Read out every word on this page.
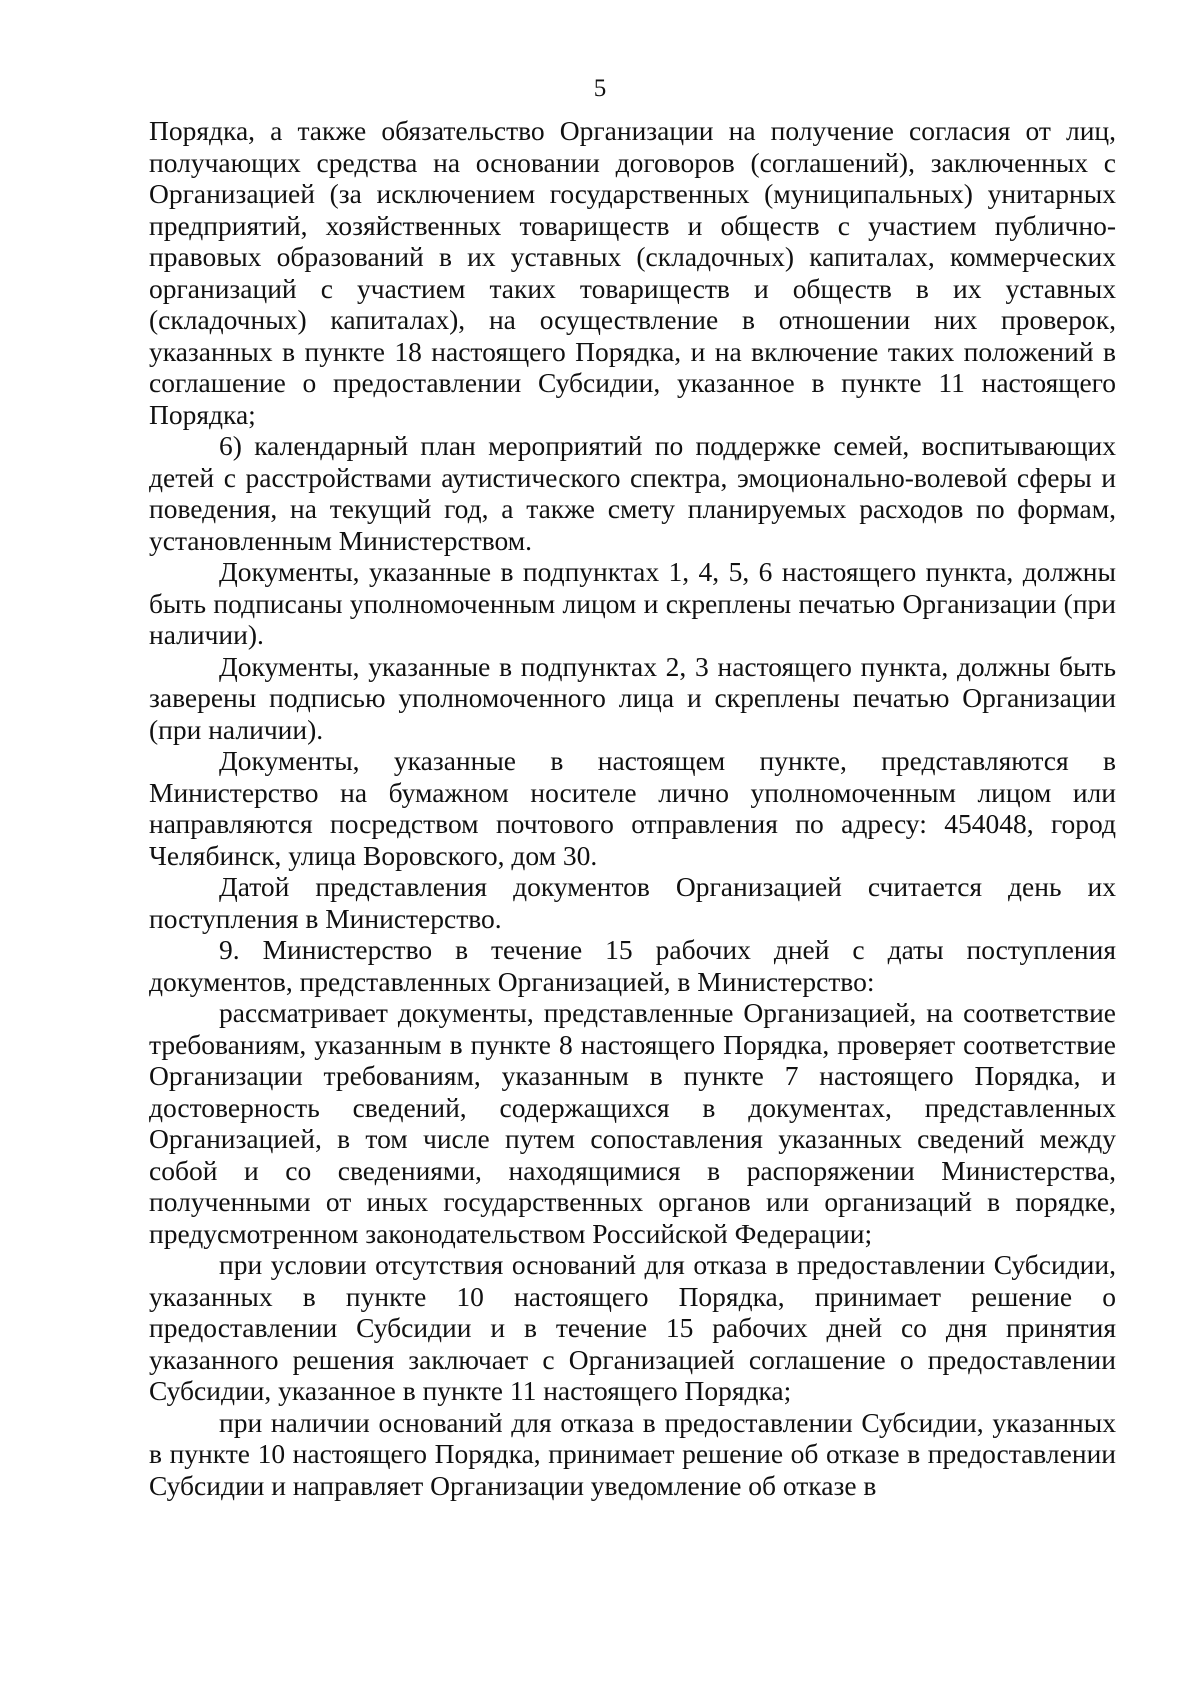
5

Порядка, а также обязательство Организации на получение согласия от лиц, получающих средства на основании договоров (соглашений), заключенных с Организацией (за исключением государственных (муниципальных) унитарных предприятий, хозяйственных товариществ и обществ с участием публично-правовых образований в их уставных (складочных) капиталах, коммерческих организаций с участием таких товариществ и обществ в их уставных (складочных) капиталах), на осуществление в отношении них проверок, указанных в пункте 18 настоящего Порядка, и на включение таких положений в соглашение о предоставлении Субсидии, указанное в пункте 11 настоящего Порядка;

6) календарный план мероприятий по поддержке семей, воспитывающих детей с расстройствами аутистического спектра, эмоционально-волевой сферы и поведения, на текущий год, а также смету планируемых расходов по формам, установленным Министерством.

Документы, указанные в подпунктах 1, 4, 5, 6 настоящего пункта, должны быть подписаны уполномоченным лицом и скреплены печатью Организации (при наличии).

Документы, указанные в подпунктах 2, 3 настоящего пункта, должны быть заверены подписью уполномоченного лица и скреплены печатью Организации (при наличии).

Документы, указанные в настоящем пункте, представляются в Министерство на бумажном носителе лично уполномоченным лицом или направляются посредством почтового отправления по адресу: 454048, город Челябинск, улица Воровского, дом 30.

Датой представления документов Организацией считается день их поступления в Министерство.

9. Министерство в течение 15 рабочих дней с даты поступления документов, представленных Организацией, в Министерство:

рассматривает документы, представленные Организацией, на соответствие требованиям, указанным в пункте 8 настоящего Порядка, проверяет соответствие Организации требованиям, указанным в пункте 7 настоящего Порядка, и достоверность сведений, содержащихся в документах, представленных Организацией, в том числе путем сопоставления указанных сведений между собой и со сведениями, находящимися в распоряжении Министерства, полученными от иных государственных органов или организаций в порядке, предусмотренном законодательством Российской Федерации;

при условии отсутствия оснований для отказа в предоставлении Субсидии, указанных в пункте 10 настоящего Порядка, принимает решение о предоставлении Субсидии и в течение 15 рабочих дней со дня принятия указанного решения заключает с Организацией соглашение о предоставлении Субсидии, указанное в пункте 11 настоящего Порядка;

при наличии оснований для отказа в предоставлении Субсидии, указанных в пункте 10 настоящего Порядка, принимает решение об отказе в предоставлении Субсидии и направляет Организации уведомление об отказе в
